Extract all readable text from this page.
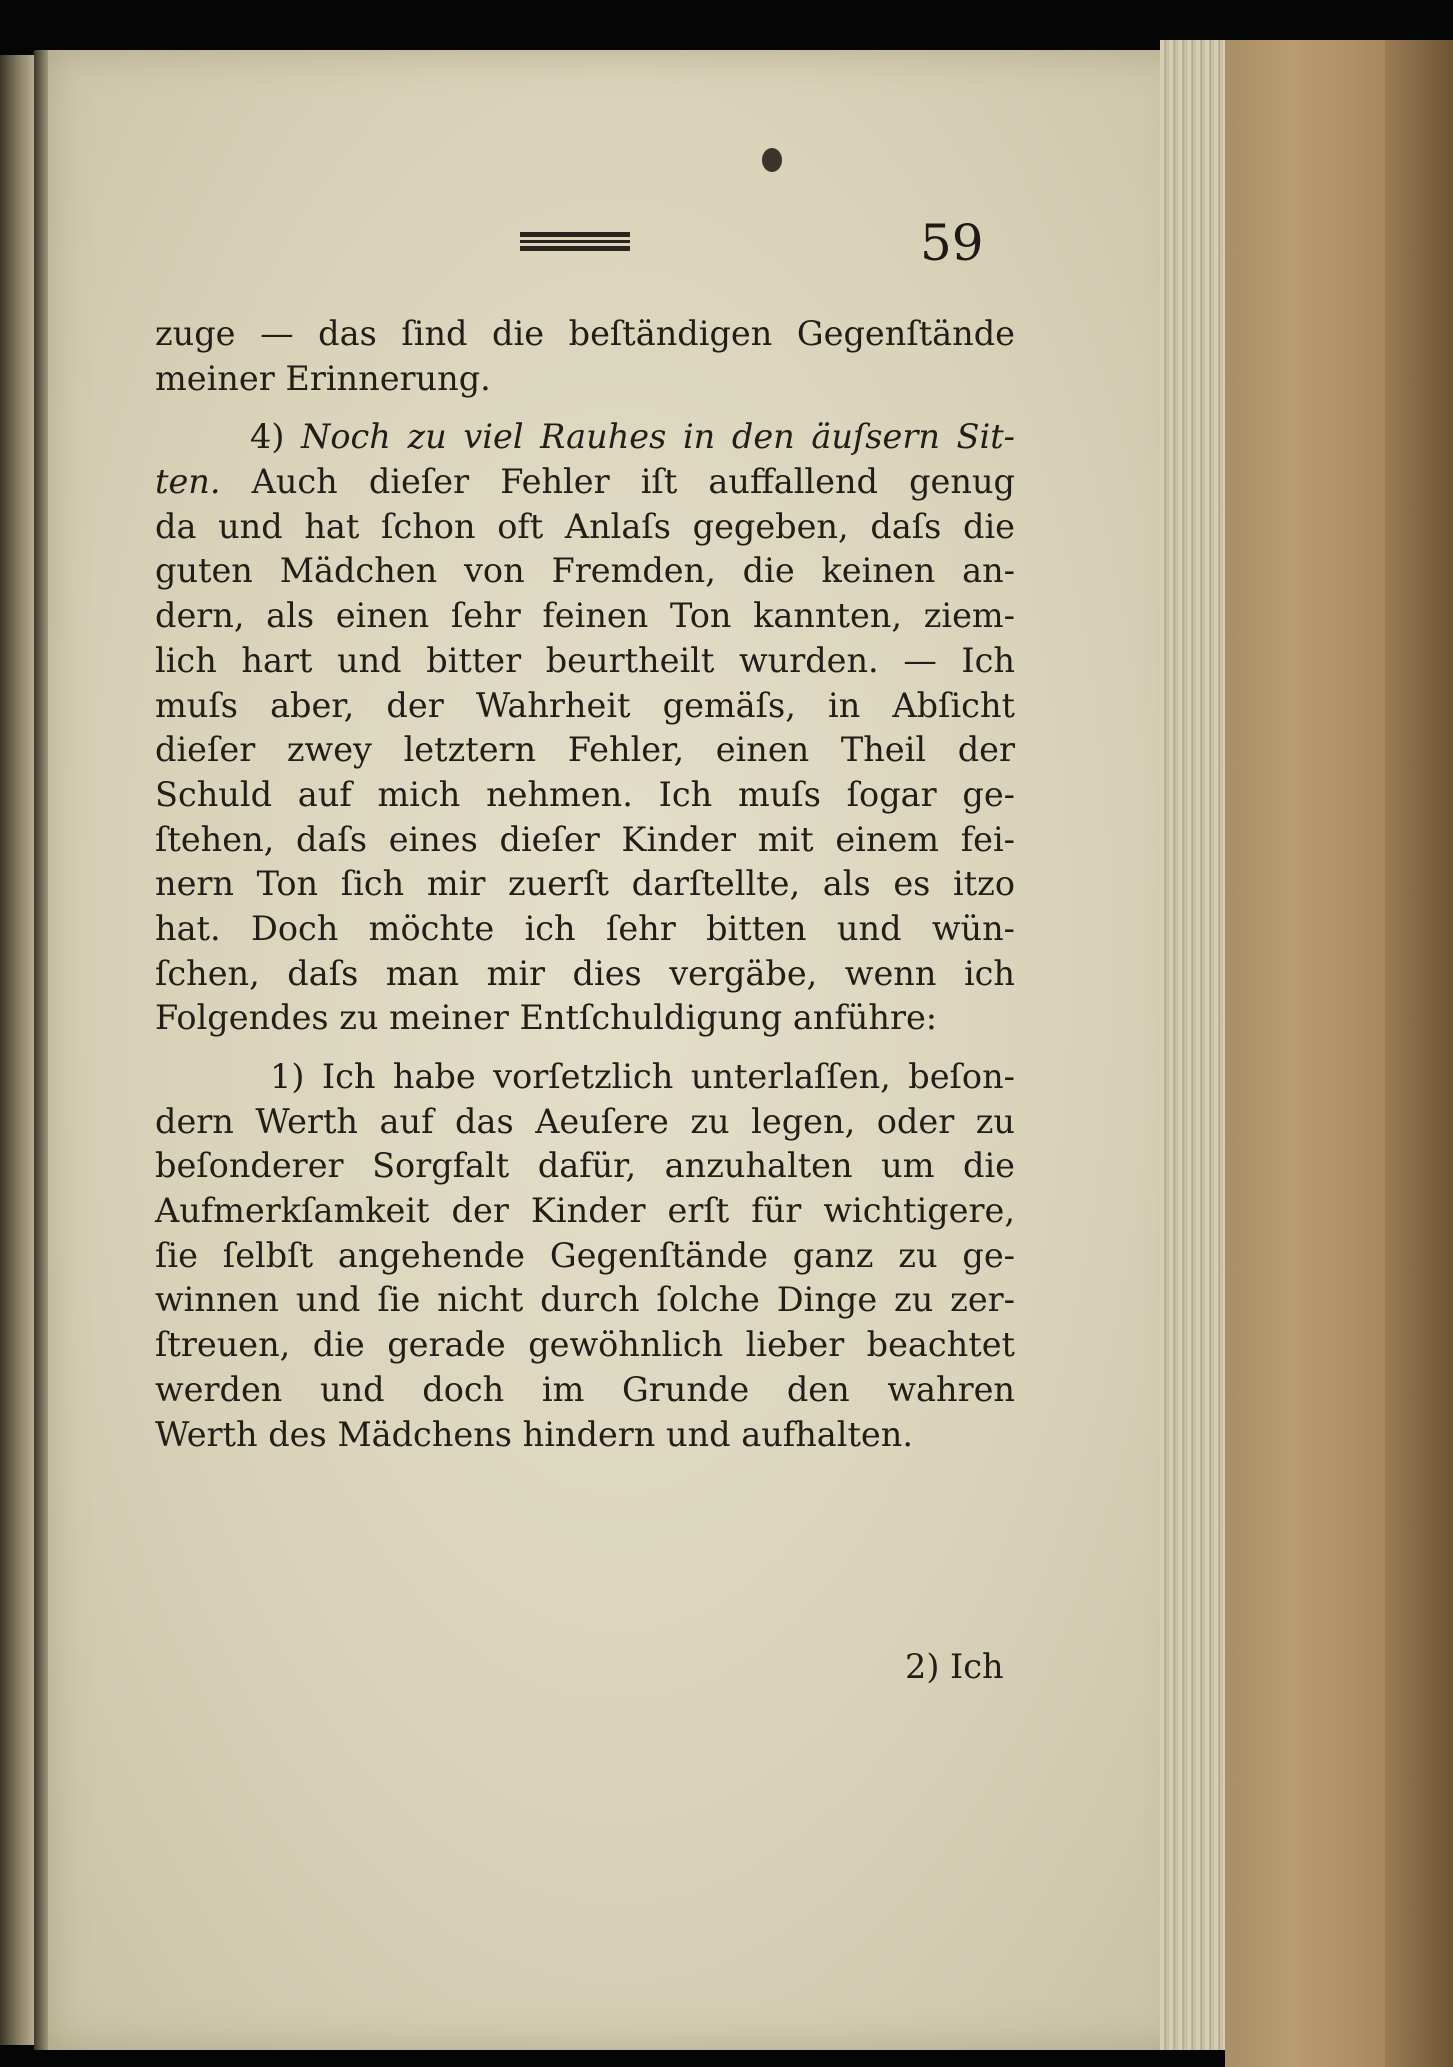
59
zuge — das ſind die beſtändigen Gegenſtände
meiner Erinnerung.
4) Noch zu viel Rauhes in den äuſsern Sit-
ten. Auch dieſer Fehler iſt auffallend genug
da und hat ſchon oft Anlaſs gegeben, daſs die
guten Mädchen von Fremden, die keinen an-
dern, als einen ſehr feinen Ton kannten, ziem-
lich hart und bitter beurtheilt wurden. — Ich
muſs aber, der Wahrheit gemäſs, in Abſicht
dieſer zwey letztern Fehler, einen Theil der
Schuld auf mich nehmen. Ich muſs ſogar ge-
ſtehen, daſs eines dieſer Kinder mit einem fei-
nern Ton ſich mir zuerſt darſtellte, als es itzo
hat. Doch möchte ich ſehr bitten und wün-
ſchen, daſs man mir dies vergäbe, wenn ich
Folgendes zu meiner Entſchuldigung anführe:
1) Ich habe vorſetzlich unterlaſſen, beſon-
dern Werth auf das Aeuſere zu legen, oder zu
beſonderer Sorgfalt dafür, anzuhalten um die
Aufmerkſamkeit der Kinder erſt für wichtigere,
ſie ſelbſt angehende Gegenſtände ganz zu ge-
winnen und ſie nicht durch ſolche Dinge zu zer-
ſtreuen, die gerade gewöhnlich lieber beachtet
werden und doch im Grunde den wahren
Werth des Mädchens hindern und aufhalten.
2) Ich
